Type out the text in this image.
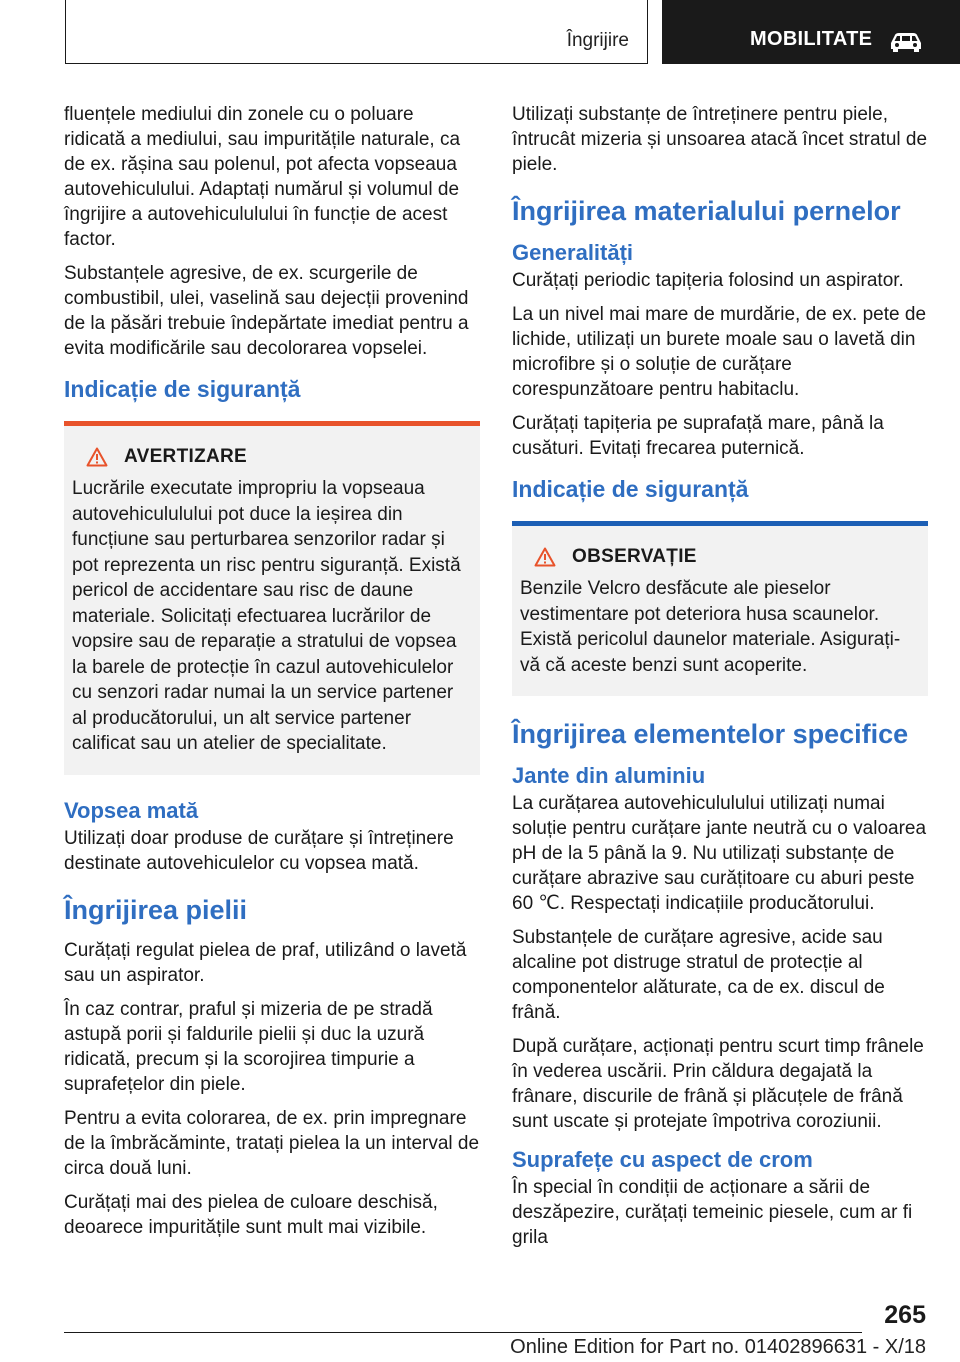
Îngrijire	MOBILITATE

fluențele mediului din zonele cu o poluare ridicată a mediului, sau impuritățile naturale, ca de ex. rășina sau polenul, pot afecta vopseaua autovehiculului. Adaptați numărul și volumul de îngrijire a autovehicululului în funcție de acest factor.

Substanțele agresive, de ex. scurgerile de combustibil, ulei, vaselină sau dejecții provenind de la păsări trebuie îndepărtate imediat pentru a evita modificările sau decolorarea vopselei.

Indicație de siguranță
AVERTIZARE

Lucrările executate impropriu la vopseaua autovehicululului pot duce la ieșirea din funcțiune sau perturbarea senzorilor radar și pot reprezenta un risc pentru siguranță. Există pericol de accidentare sau risc de daune materiale. Solicitați efectuarea lucrărilor de vopsire sau de reparație a stratului de vopsea la barele de protecție în cazul autovehiculelor cu senzori radar numai la un service partener al producătorului, un alt service partener calificat sau un atelier de specialitate.

Vopsea mată

Utilizați doar produse de curățare și întreținere destinate autovehiculelor cu vopsea mată.

Îngrijirea pielii

Curățați regulat pielea de praf, utilizând o lavetă sau un aspirator.

În caz contrar, praful și mizeria de pe stradă astupă porii și faldurile pielii și duc la uzură ridicată, precum și la scorojirea timpurie a suprafețelor din piele.

Pentru a evita colorarea, de ex. prin impregnare de la îmbrăcăminte, tratați pielea la un interval de circa două luni.

Curățați mai des pielea de culoare deschisă, deoarece impuritățile sunt mult mai vizibile.

Utilizați substanțe de întreținere pentru piele, întrucât mizeria și unsoarea atacă încet stratul de piele.

Îngrijirea materialului pernelor
Generalități

Curățați periodic tapițeria folosind un aspirator.

La un nivel mai mare de murdărie, de ex. pete de lichide, utilizați un burete moale sau o lavetă din microfibre și o soluție de curățare corespunzătoare pentru habitaclu.

Curățați tapițeria pe suprafață mare, până la cusături. Evitați frecarea puternică.

Indicație de siguranță
OBSERVAȚIE

Benzile Velcro desfăcute ale pieselor vestimentare pot deteriora husa scaunelor. Există pericolul daunelor materiale. Asigurați-vă că aceste benzi sunt acoperite.

Îngrijirea elementelor specifice
Jante din aluminiu

La curățarea autovehicululului utilizați numai soluție pentru curățare jante neutră cu o valoarea pH de la 5 până la 9. Nu utilizați substanțe de curățare abrazive sau curățitoare cu aburi peste 60 ℃. Respectați indicațiile producătorului.

Substanțele de curățare agresive, acide sau alcaline pot distruge stratul de protecție al componentelor alăturate, ca de ex. discul de frână.

După curățare, acționați pentru scurt timp frânele în vederea uscării. Prin căldura degajată la frânare, discurile de frână și plăcuțele de frână sunt uscate și protejate împotriva coroziunii.

Suprafețe cu aspect de crom

În special în condiții de acționare a sării de deszăpezire, curățați temeinic piesele, cum ar fi grila

265
Online Edition for Part no. 01402896631 - X/18
